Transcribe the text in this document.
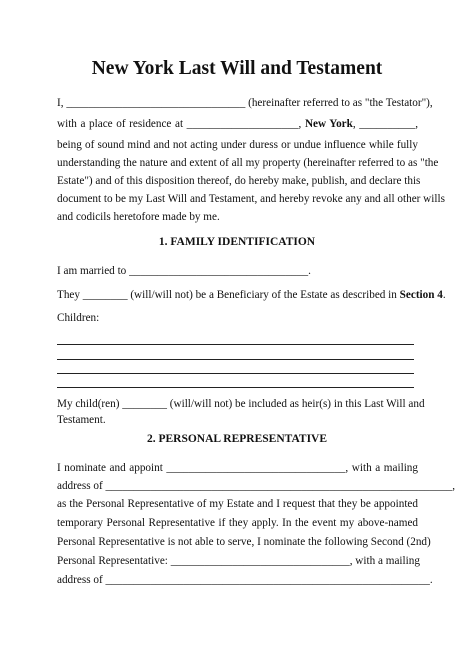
New York Last Will and Testament
I, ________________________________ (hereinafter referred to as "the Testator"),
with a place of residence at ____________________, New York, __________,
being of sound mind and not acting under duress or undue influence while fully
understanding the nature and extent of all my property (hereinafter referred to as "the
Estate") and of this disposition thereof, do hereby make, publish, and declare this
document to be my Last Will and Testament, and hereby revoke any and all other wills
and codicils heretofore made by me.
1. FAMILY IDENTIFICATION
I am married to ________________________________.
They ________ (will/will not) be a Beneficiary of the Estate as described in Section 4.
Children:
My child(ren) ________ (will/will not) be included as heir(s) in this Last Will and
Testament.
2. PERSONAL REPRESENTATIVE
I nominate and appoint ________________________________, with a mailing
address of ______________________________________________________________,
as the Personal Representative of my Estate and I request that they be appointed
temporary Personal Representative if they apply. In the event my above-named
Personal Representative is not able to serve, I nominate the following Second (2nd)
Personal Representative: ________________________________, with a mailing
address of __________________________________________________________.
